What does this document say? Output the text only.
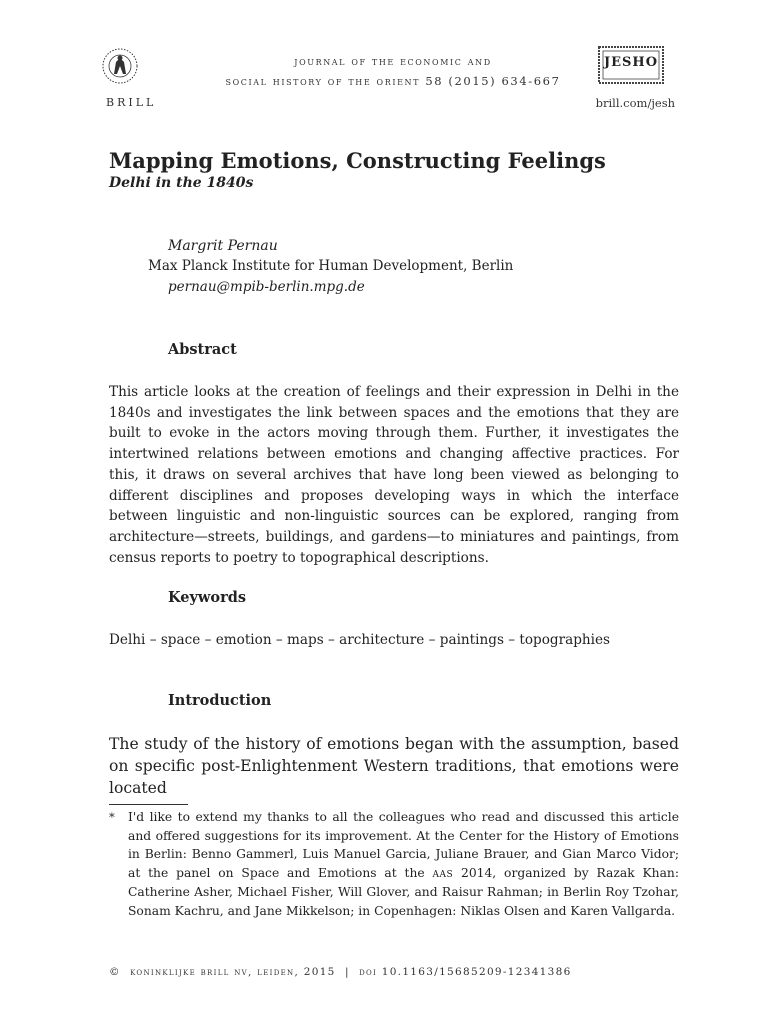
BRILL
journal of the economic and
social history of the orient 58 (2015) 634-667
JESHO
brill.com/jesh
Mapping Emotions, Constructing Feelings
Delhi in the 1840s
Margrit Pernau
Max Planck Institute for Human Development, Berlin
pernau@mpib-berlin.mpg.de
Abstract
This article looks at the creation of feelings and their expression in Delhi in the 1840s and investigates the link between spaces and the emotions that they are built to evoke in the actors moving through them. Further, it investigates the intertwined relations between emotions and changing affective practices. For this, it draws on several archives that have long been viewed as belonging to different disciplines and proposes developing ways in which the interface between linguistic and non-linguistic sources can be explored, ranging from architecture—streets, buildings, and gardens—to miniatures and paintings, from census reports to poetry to topographical descriptions.
Keywords
Delhi – space – emotion – maps – architecture – paintings – topographies
Introduction
The study of the history of emotions began with the assumption, based on specific post-Enlightenment Western traditions, that emotions were located
* I'd like to extend my thanks to all the colleagues who read and discussed this article and offered suggestions for its improvement. At the Center for the History of Emotions in Berlin: Benno Gammerl, Luis Manuel Garcia, Juliane Brauer, and Gian Marco Vidor; at the panel on Space and Emotions at the aas 2014, organized by Razak Khan: Catherine Asher, Michael Fisher, Will Glover, and Raisur Rahman; in Berlin Roy Tzohar, Sonam Kachru, and Jane Mikkelson; in Copenhagen: Niklas Olsen and Karen Vallgarda.
© koninklijke brill nv, leiden, 2015 | doi 10.1163/15685209-12341386
